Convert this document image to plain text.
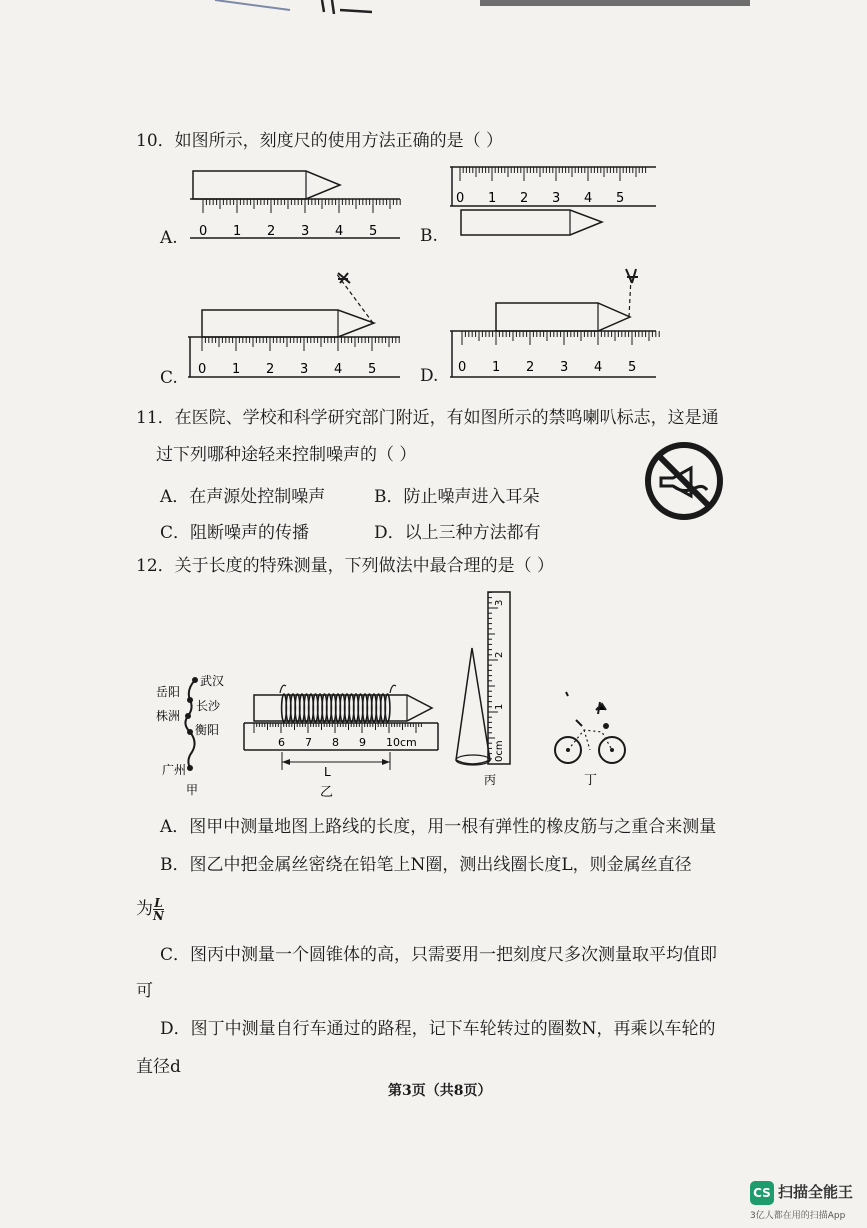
10．如图所示，刻度尺的使用方法正确的是（ ）
0 1 2 3 4 5
A.
0 1 2 3 4 5
B.
0 1 2 3 4 5
C.
0 1 2 3 4 5
D.
11．在医院、学校和科学研究部门附近，有如图所示的禁鸣喇叭标志，这是通
过下列哪种途轻来控制噪声的（ ）
A．在声源处控制噪声	B．防止噪声进入耳朵
C．阻断噪声的传播	D．以上三种方法都有
12．关于长度的特殊测量，下列做法中最合理的是（ ）
武汉
岳阳
长沙
株洲
衡阳
广州
甲
L
乙
6 7 8 9 10cm
丙
0cm
1
2
3
丁
A．图甲中测量地图上路线的长度，用一根有弹性的橡皮筋与之重合来测量
B．图乙中把金属丝密绕在铅笔上N圈，测出线圈长度L，则金属丝直径
为 $\frac{L}{N}$
C．图丙中测量一个圆锥体的高，只需要用一把刻度尺多次测量取平均值即
可
D．图丁中测量自行车通过的路程，记下车轮转过的圈数N，再乘以车轮的
直径d
第3页（共8页）
CS 扫描全能王
3亿人都在用的扫描App
